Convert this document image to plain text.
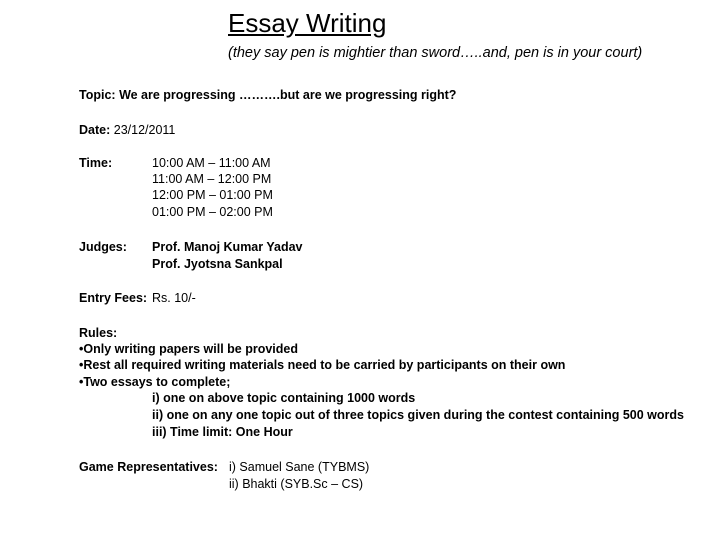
Essay Writing
(they say pen is mightier than sword…..and, pen is in your court)
Topic: We are progressing ……….but are we progressing right?
Date: 23/12/2011
Time:	10:00 AM – 11:00 AM
11:00 AM – 12:00 PM
12:00 PM – 01:00 PM
01:00 PM – 02:00 PM
Judges: Prof. Manoj Kumar Yadav
Prof. Jyotsna Sankpal
Entry Fees: Rs. 10/-
Rules:
•Only writing papers will be provided
•Rest all required writing materials need to be carried by participants on their own
•Two essays to complete;
i) one on above topic containing 1000 words
ii) one on any one topic out of three topics given during the contest containing 500 words
iii) Time limit: One Hour
Game Representatives: i) Samuel Sane (TYBMS)
ii) Bhakti (SYB.Sc – CS)
